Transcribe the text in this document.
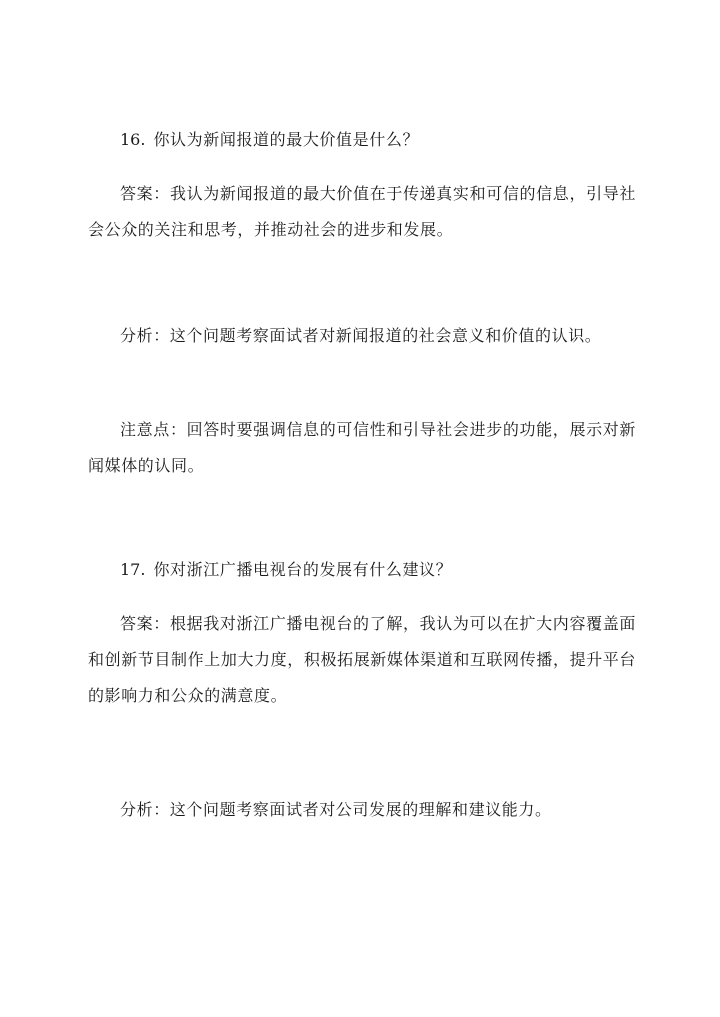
16. 你认为新闻报道的最大价值是什么？

答案：我认为新闻报道的最大价值在于传递真实和可信的信息，引导社会公众的关注和思考，并推动社会的进步和发展。

分析：这个问题考察面试者对新闻报道的社会意义和价值的认识。

注意点：回答时要强调信息的可信性和引导社会进步的功能，展示对新闻媒体的认同。

17. 你对浙江广播电视台的发展有什么建议？

答案：根据我对浙江广播电视台的了解，我认为可以在扩大内容覆盖面和创新节目制作上加大力度，积极拓展新媒体渠道和互联网传播，提升平台的影响力和公众的满意度。

分析：这个问题考察面试者对公司发展的理解和建议能力。
